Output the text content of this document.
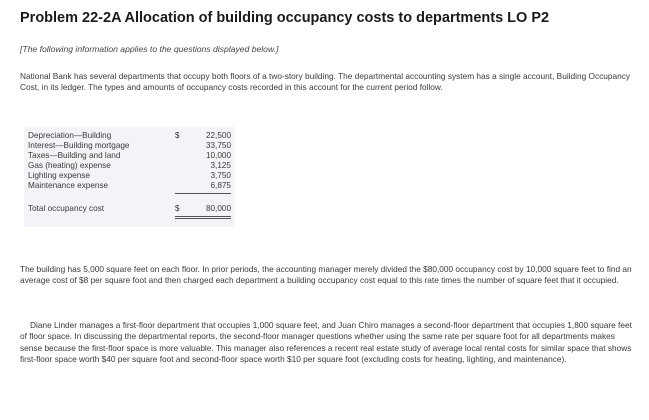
Problem 22-2A Allocation of building occupancy costs to departments LO P2
[The following information applies to the questions displayed below.]

National Bank has several departments that occupy both floors of a two-story building. The departmental accounting system has a single account, Building Occupancy Cost, in its ledger. The types and amounts of occupancy costs recorded in this account for the current period follow.

Depreciation—Building	$	22,500
Interest—Building mortgage	33,750
Taxes—Building and land	10,000
Gas (heating) expense	3,125
Lighting expense	3,750
Maintenance expense	6,875
Total occupancy cost	$	80,000

The building has 5,000 square feet on each floor. In prior periods, the accounting manager merely divided the $80,000 occupancy cost by 10,000 square feet to find an average cost of $8 per square foot and then charged each department a building occupancy cost equal to this rate times the number of square feet that it occupied.

Diane Linder manages a first-floor department that occupies 1,000 square feet, and Juan Chiro manages a second-floor department that occupies 1,800 square feet of floor space. In discussing the departmental reports, the second-floor manager questions whether using the same rate per square foot for all departments makes sense because the first-floor space is more valuable. This manager also references a recent real estate study of average local rental costs for similar space that shows first-floor space worth $40 per square foot and second-floor space worth $10 per square foot (excluding costs for heating, lighting, and maintenance).
